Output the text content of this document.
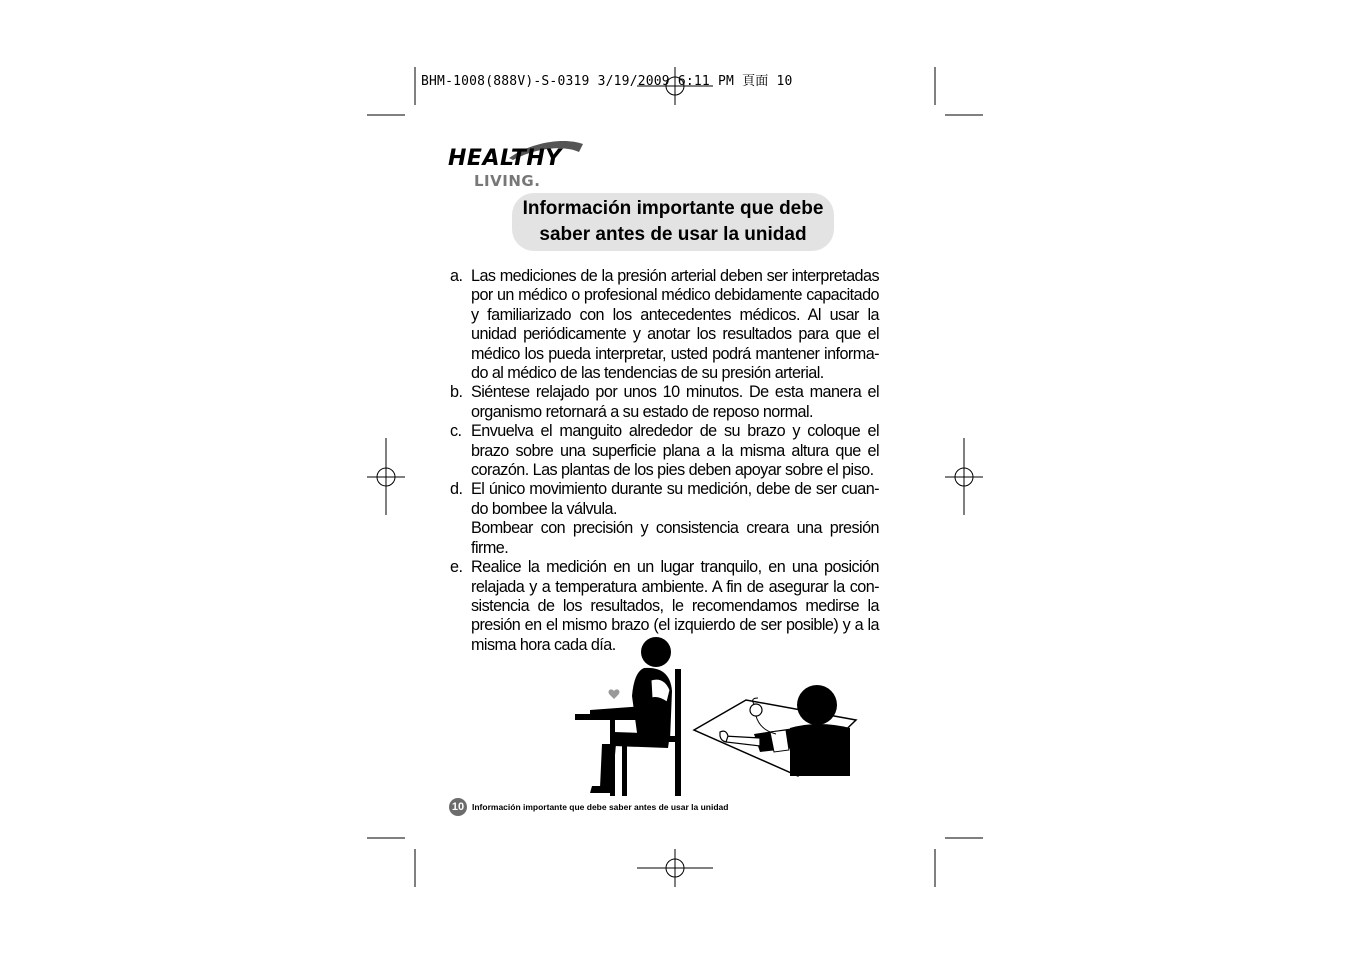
BHM-1008(888V)-S-0319 3/19/2009 6:11 PM 頁面 10
HEALTHY
LIVING.
Información importante que debe
saber antes de usar la unidad
a. Las mediciones de la presión arterial deben ser interpretadas por un médico o profesional médico debidamente capacitado y familiarizado con los antecedentes médicos. Al usar la unidad periódicamente y anotar los resultados para que el médico los pueda interpretar, usted podrá mantener informa-do al médico de las tendencias de su presión arterial.

b. Siéntese relajado por unos 10 minutos. De esta manera el organismo retornará a su estado de reposo normal.

c. Envuelva el manguito alrededor de su brazo y coloque el brazo sobre una superficie plana a la misma altura que el corazón. Las plantas de los pies deben apoyar sobre el piso.

d. El único movimiento durante su medición, debe de ser cuan-do bombee la válvula.

Bombear con precisión y consistencia creara una presión firme.

e. Realice la medición en un lugar tranquilo, en una posición relajada y a temperatura ambiente. A fin de asegurar la con-sistencia de los resultados, le recomendamos medirse la presión en el mismo brazo (el izquierdo de ser posible) y a la misma hora cada día.

10 Información importante que debe saber antes de usar la unidad
